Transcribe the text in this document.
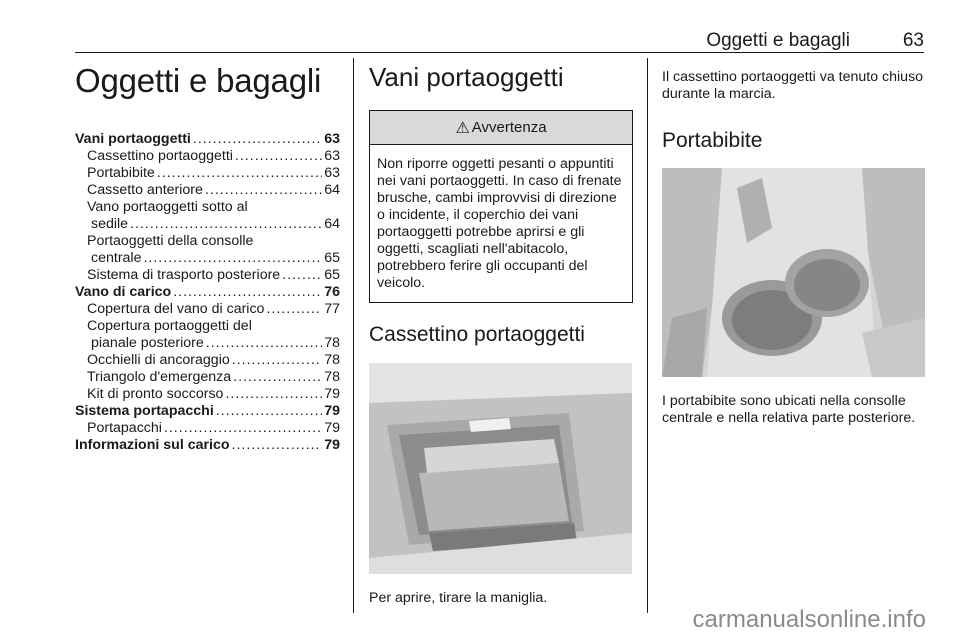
Oggetti e bagagli	63
Oggetti e bagagli
Vani portaoggetti .....	63
Cassettino portaoggetti .....	63
Portabibite .....	63
Cassetto anteriore .....	64
Vano portaoggetti sotto al
sedile .....	64
Portaoggetti della consolle
centrale .....	65
Sistema di trasporto posteriore .....	65
Vano di carico .....	76
Copertura del vano di carico .....	77
Copertura portaoggetti del
pianale posteriore .....	78
Occhielli di ancoraggio .....	78
Triangolo d'emergenza .....	78
Kit di pronto soccorso .....	79
Sistema portapacchi .....	79
Portapacchi .....	79
Informazioni sul carico .....	79
Vani portaoggetti
⚠ Avvertenza
Non riporre oggetti pesanti o appuntiti nei vani portaoggetti. In caso di frenate brusche, cambi improvvisi di direzione o incidente, il coperchio dei vani portaoggetti potrebbe aprirsi e gli oggetti, scagliati nell'abitacolo, potrebbero ferire gli occupanti del veicolo.
Cassettino portaoggetti
Per aprire, tirare la maniglia.
Il cassettino portaoggetti va tenuto chiuso durante la marcia.
Portabibite
I portabibite sono ubicati nella consolle centrale e nella relativa parte posteriore.
carmanualsonline.info
